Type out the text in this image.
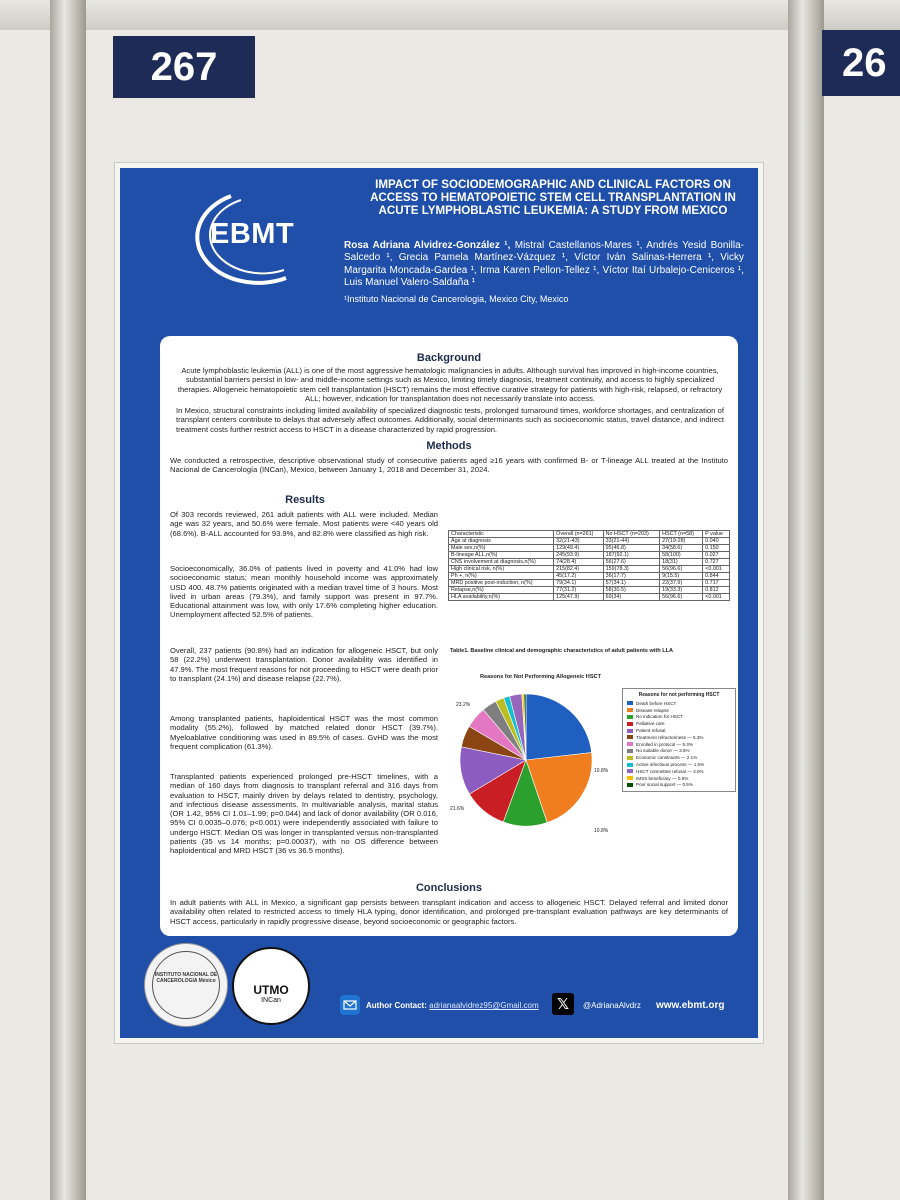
267	26
EBMT
IMPACT OF SOCIODEMOGRAPHIC AND CLINICAL FACTORS ON ACCESS TO HEMATOPOIETIC STEM CELL TRANSPLANTATION IN ACUTE LYMPHOBLASTIC LEUKEMIA: A STUDY FROM MEXICO
Rosa Adriana Alvidrez-González ¹, Mistral Castellanos-Mares ¹, Andrés Yesid Bonilla-Salcedo ¹, Grecia Pamela Martínez-Vázquez ¹, Víctor Iván Salinas-Herrera ¹, Vicky Margarita Moncada-Gardea ¹, Irma Karen Pellon-Tellez ¹, Víctor Itaí Urbalejo-Ceniceros ¹, Luis Manuel Valero-Saldaña ¹
¹Instituto Nacional de Cancerologia, Mexico City, Mexico
Background
Acute lymphoblastic leukemia (ALL) is one of the most aggressive hematologic malignancies in adults. Although survival has improved in high-income countries, substantial barriers persist in low- and middle-income settings such as Mexico, limiting timely diagnosis, treatment continuity, and access to highly specialized therapies. Allogeneic hematopoietic stem cell transplantation (HSCT) remains the most effective curative strategy for patients with high-risk, relapsed, or refractory ALL; however, indication for transplantation does not necessarily translate into access.
In Mexico, structural constraints including limited availability of specialized diagnostic tests, prolonged turnaround times, workforce shortages, and centralization of transplant centers contribute to delays that adversely affect outcomes. Additionally, social determinants such as socioeconomic status, travel distance, and indirect treatment costs further restrict access to HSCT in a disease characterized by rapid progression.
Methods
We conducted a retrospective, descriptive observational study of consecutive patients aged ≥16 years with confirmed B- or T-lineage ALL treated at the Instituto Nacional de Cancerología (INCan), Mexico, between January 1, 2018 and December 31, 2024.
Results
Of 303 records reviewed, 261 adult patients with ALL were included. Median age was 32 years, and 50.6% were female. Most patients were <40 years old (68.6%). B-ALL accounted for 93.9%, and 82.8% were classified as high risk.
Socioeconomically, 36.0% of patients lived in poverty and 41.0% had low socioeconomic status; mean monthly household income was approximately USD 400. 48.7% patients originated with a median travel time of 3 hours. Most lived in urban areas (79.3%), and family support was present in 97.7%. Educational attainment was low, with only 17.6% completing higher education. Unemployment affected 52.5% of patients.
Overall, 237 patients (90.8%) had an indication for allogeneic HSCT, but only 58 (22.2%) underwent transplantation. Donor availability was identified in 47.9%. The most frequent reasons for not proceeding to HSCT were death prior to transplant (24.1%) and disease relapse (22.7%).
Among transplanted patients, haploidentical HSCT was the most common modality (55.2%), followed by matched related donor HSCT (39.7%). Myeloablative conditioning was used in 89.5% of cases. GvHD was the most frequent complication (61.3%).
Transplanted patients experienced prolonged pre-HSCT timelines, with a median of 160 days from diagnosis to transplant referral and 316 days from evaluation to HSCT, mainly driven by delays related to dentistry, psychology, and infectious disease assessments. In multivariable analysis, marital status (OR 1.42, 95% CI 1.01–1.99; p=0.044) and lack of donor availability (OR 0.016, 95% CI 0.0035–0.076; p<0.001) were independently associated with failure to undergo HSCT. Median OS was longer in transplanted versus non-transplanted patients (35 vs 14 months; p=0.00037), with no OS difference between haploidentical and MRD HSCT (36 vs 36.5 months).
Characteristic	Overall (n=261)	No HSCT (n=203)	HSCT (n=58)	P value
Age at diagnosis	32(21-43)	33(21-44)	27(19-28)	0.040
Male sex,n(%)	129(49.4)	95(46.8)	34(58.6)	0.150
B-lineage ALL,n(%)	245(93.9)	187(92.1)	58(100)	0.027
CNS involvement at diagnosis,n(%)	74(28.4)	56(27.6)	18(31)	0.727
High clinical risk, n(%)	215(82.4)	159(78.3)	56(96.6)	<0.001
Ph +, n(%)	45(17.2)	36(17.7)	9(15.5)	0.844
MRD positive post-induction, n(%)	79(34.1)	57(34.1)	22(37.9)	0.717
Relapse,n(%)	77(31.2)	58(30.5)	19(33.3)	0.812
HLA availability,n(%)	125(47.9)	69(34)	56(96.6)	<0.001
Table1. Baseline clinical and demographic characteristics of adult patients with LLA
Reasons for Not Performing Allogeneic HSCT
23.2%
21.6%
10.8%
10.8%
Reasons for not performing HSCT
Death before HSCT
Disease relapse
No indication for HSCT
Palliative care
Patient refusal
Treatment refractoriness — 5.3%
Enrolled in protocol — 5.3%
No suitable donor — 3.6%
Economic constraints — 2.1%
Active infectious process — 1.5%
HSCT committee refusal — 3.0%
IMSS beneficiary — 0.5%
Poor social support — 0.5%
Conclusions
In adult patients with ALL in Mexico, a significant gap persists between transplant indication and access to allogeneic HSCT. Delayed referral and limited donor availability often related to restricted access to timely HLA typing, donor identification, and prolonged pre-transplant evaluation pathways are key determinants of HSCT access, particularly in rapidly progressive disease, beyond socioeconomic or geographic factors.
INSTITUTO NACIONAL DE CANCEROLOGIA México
UTMO
INCan
Author Contact: adrianaalvidrez95@Gmail.com	𝕏	@AdrianaAlvdrz www.ebmt.org
